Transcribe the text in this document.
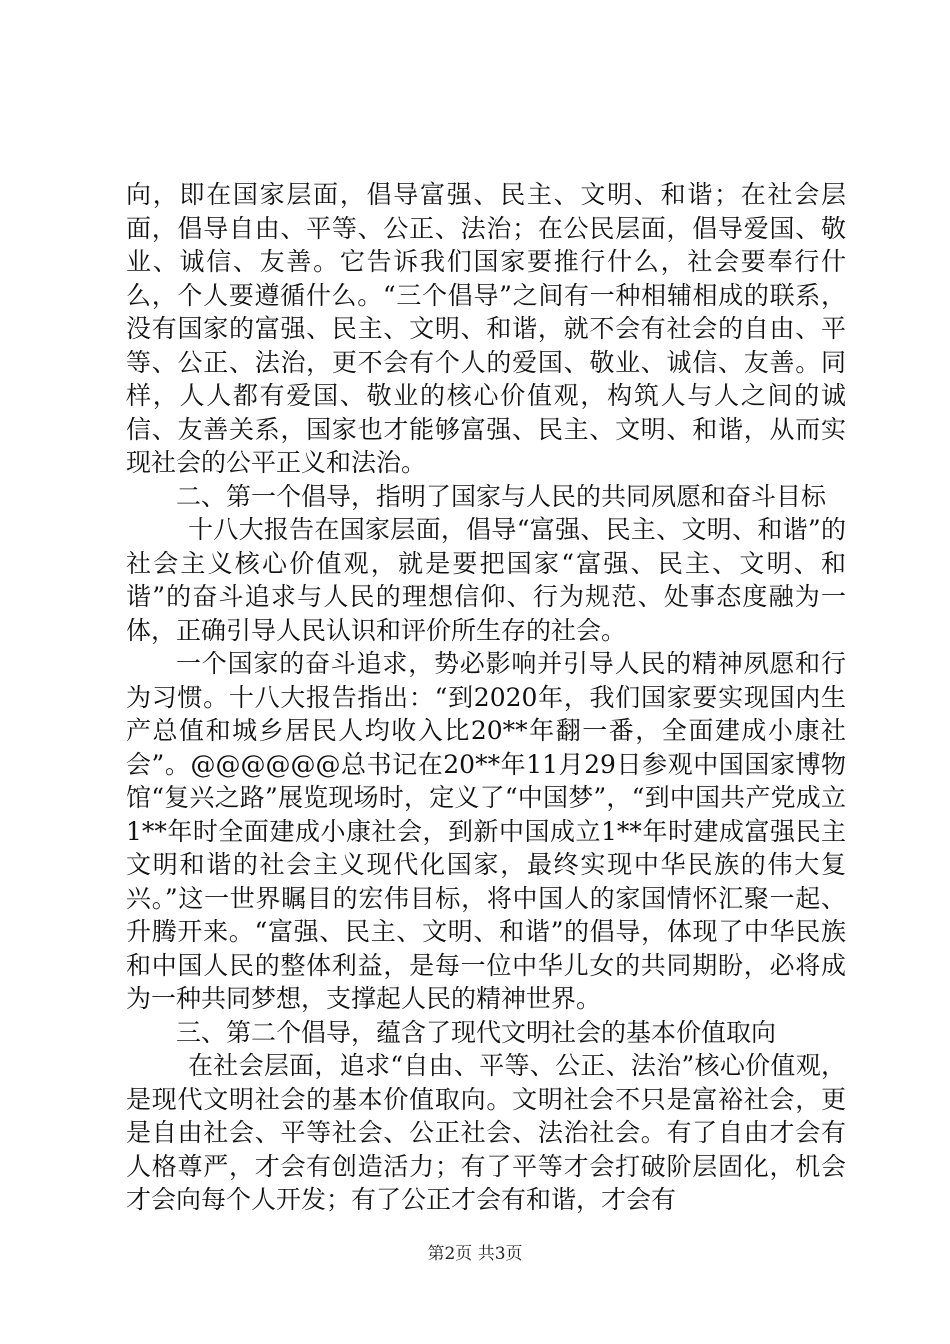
向，即在国家层面，倡导富强、民主、文明、和谐；在社会层面，倡导自由、平等、公正、法治；在公民层面，倡导爱国、敬业、诚信、友善。它告诉我们国家要推行什么，社会要奉行什么，个人要遵循什么。“三个倡导”之间有一种相辅相成的联系，没有国家的富强、民主、文明、和谐，就不会有社会的自由、平等、公正、法治，更不会有个人的爱国、敬业、诚信、友善。同样，人人都有爱国、敬业的核心价值观，构筑人与人之间的诚信、友善关系，国家也才能够富强、民主、文明、和谐，从而实现社会的公平正义和法治。

二、第一个倡导，指明了国家与人民的共同夙愿和奋斗目标

十八大报告在国家层面，倡导“富强、民主、文明、和谐”的社会主义核心价值观，就是要把国家“富强、民主、文明、和谐”的奋斗追求与人民的理想信仰、行为规范、处事态度融为一体，正确引导人民认识和评价所生存的社会。

一个国家的奋斗追求，势必影响并引导人民的精神夙愿和行为习惯。十八大报告指出：“到2020年，我们国家要实现国内生产总值和城乡居民人均收入比20**年翻一番，全面建成小康社会”。@@@@@@总书记在20**年11月29日参观中国国家博物馆“复兴之路”展览现场时，定义了“中国梦”，“到中国共产党成立1**年时全面建成小康社会，到新中国成立1**年时建成富强民主文明和谐的社会主义现代化国家，最终实现中华民族的伟大复兴。”这一世界瞩目的宏伟目标，将中国人的家国情怀汇聚一起、升腾开来。“富强、民主、文明、和谐”的倡导，体现了中华民族和中国人民的整体利益，是每一位中华儿女的共同期盼，必将成为一种共同梦想，支撑起人民的精神世界。

三、第二个倡导，蕴含了现代文明社会的基本价值取向

在社会层面，追求“自由、平等、公正、法治”核心价值观，是现代文明社会的基本价值取向。文明社会不只是富裕社会，更是自由社会、平等社会、公正社会、法治社会。有了自由才会有人格尊严，才会有创造活力；有了平等才会打破阶层固化，机会才会向每个人开发；有了公正才会有和谐，才会有

第2页 共3页
